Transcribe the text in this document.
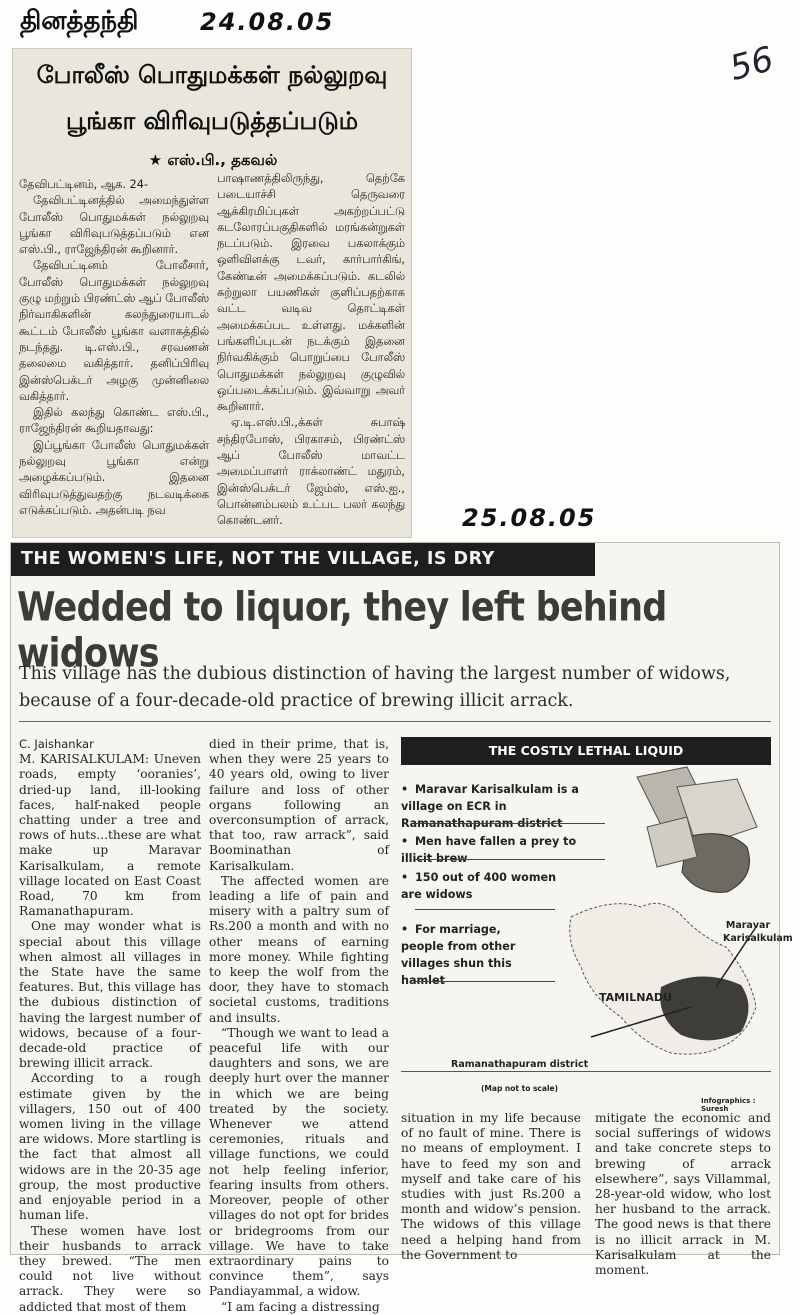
தினத்தந்தி	24.08.05
56
25.08.05
போலீஸ் பொதுமக்கள் நல்லுறவு
பூங்கா விரிவுபடுத்தப்படும்
★ எஸ்.பி., தகவல்

தேவிபட்டினம், ஆக. 24-

தேவிபட்டினத்தில் அமைந்துள்ள போலீஸ் பொதுமக்கள் நல்லுறவு பூங்கா விரிவுபடுத்தப்படும் என எஸ்.பி., ராஜேந்திரன் கூறினார்.

தேவிபட்டினம் போலீசார், போலீஸ் பொதுமக்கள் நல்லுறவு குழு மற்றும் பிரண்ட்ஸ் ஆப் போலீஸ் நிர்வாகிகளின் கலந்துரையாடல் கூட்டம் போலீஸ் பூங்கா வளாகத்தில் நடந்தது. டி.எஸ்.பி., சரவணன் தலைமை வகித்தார். தனிப்பிரிவு இன்ஸ்பெக்டர் அழகு முன்னிலை வகித்தார்.

இதில் கலந்து கொண்ட எஸ்.பி., ராஜேந்திரன் கூறியதாவது:

இப்பூங்கா போலீஸ் பொதுமக்கள் நல்லுறவு பூங்கா என்று அழைக்கப்படும். இதனை விரிவுபடுத்துவதற்கு நடவடிக்கை எடுக்கப்படும். அதன்படி நவ

பாஷாணத்திலிருந்து, தெற்கே படையாச்சி தெருவரை ஆக்கிரமிப்புகள் அகற்றப்பட்டு கடலோரப்பகுதிகளில் மரங்கன்றுகள் நடப்படும். இரவை பகலாக்கும் ஒளிவிளக்கு டவர், கார்பார்கிங், கேண்டீன் அமைக்கப்படும். கடலில் சுற்றுலா பயணிகள் குளிப்பதற்காக வட்ட வடிவ தொட்டிகள் அமைக்கப்பட உள்ளது. மக்களின் பங்களிப்புடன் நடக்கும் இதனை நிர்வகிக்கும் பொறுப்பை போலீஸ் பொதுமக்கள் நல்லுறவு குழுவில் ஒப்படைக்கப்படும். இவ்வாறு அவர் கூறினார்.

ஏ.டி.எஸ்.பி.,க்கள் சுபாஷ் சந்திரபோஸ், பிரகாசம், பிரண்ட்ஸ் ஆப் போலீஸ் மாவட்ட அமைப்பாளர் ராக்லாண்ட் மதுரம், இன்ஸ்பெக்டர் ஜேம்ஸ், எஸ்.ஐ., பொன்னம்பலம் உட்பட பலர் கலந்து கொண்டனர்.

THE WOMEN'S LIFE, NOT THE VILLAGE, IS DRY
Wedded to liquor, they left behind widows
This village has the dubious distinction of having the largest number of widows, because of a four-decade-old practice of brewing illicit arrack.

C. Jaishankar

M. KARISALKULAM: Uneven roads, empty ‘ooranies’, dried-up land, ill-looking faces, half-naked people chatting under a tree and rows of huts...these are what make up Maravar Karisalkulam, a remote village located on East Coast Road, 70 km from Ramanathapuram.

One may wonder what is special about this village when almost all villages in the State have the same features. But, this village has the dubious distinction of having the largest number of widows, because of a four-decade-old practice of brewing illicit arrack.

According to a rough estimate given by the villagers, 150 out of 400 women living in the village are widows. More startling is the fact that almost all widows are in the 20-35 age group, the most productive and enjoyable period in a human life.

These women have lost their husbands to arrack they brewed. “The men could not live without arrack. They were so addicted that most of them

died in their prime, that is, when they were 25 years to 40 years old, owing to liver failure and loss of other organs following an overconsumption of arrack, that too, raw arrack”, said Boominathan of Karisalkulam.

The affected women are leading a life of pain and misery with a paltry sum of Rs.200 a month and with no other means of earning more money. While fighting to keep the wolf from the door, they have to stomach societal customs, traditions and insults.

“Though we want to lead a peaceful life with our daughters and sons, we are deeply hurt over the manner in which we are being treated by the society. Whenever we attend ceremonies, rituals and village functions, we could not help feeling inferior, fearing insults from others. Moreover, people of other villages do not opt for brides or bridegrooms from our village. We have to take extraordinary pains to convince them”, says Pandiayammal, a widow.

“I am facing a distressing

situation in my life because of no fault of mine. There is no means of employment. I have to feed my son and myself and take care of his studies with just Rs.200 a month and widow’s pension. The widows of this village need a helping hand from the Government to

mitigate the economic and social sufferings of widows and take concrete steps to brewing of arrack elsewhere”, says Villammal, 28-year-old widow, who lost her husband to the arrack. The good news is that there is no illicit arrack in M. Karisalkulam at the moment.

THE COSTLY LETHAL LIQUID
• Maravar Karisalkulam is a village on ECR in Ramanathapuram district
• Men have fallen a prey to illicit brew
• 150 out of 400 women are widows
• For marriage, people from other villages shun this hamlet
TAMILNADU
Maravar Karisalkulam
Ramanathapuram district
(Map not to scale)
Infographics : Suresh
